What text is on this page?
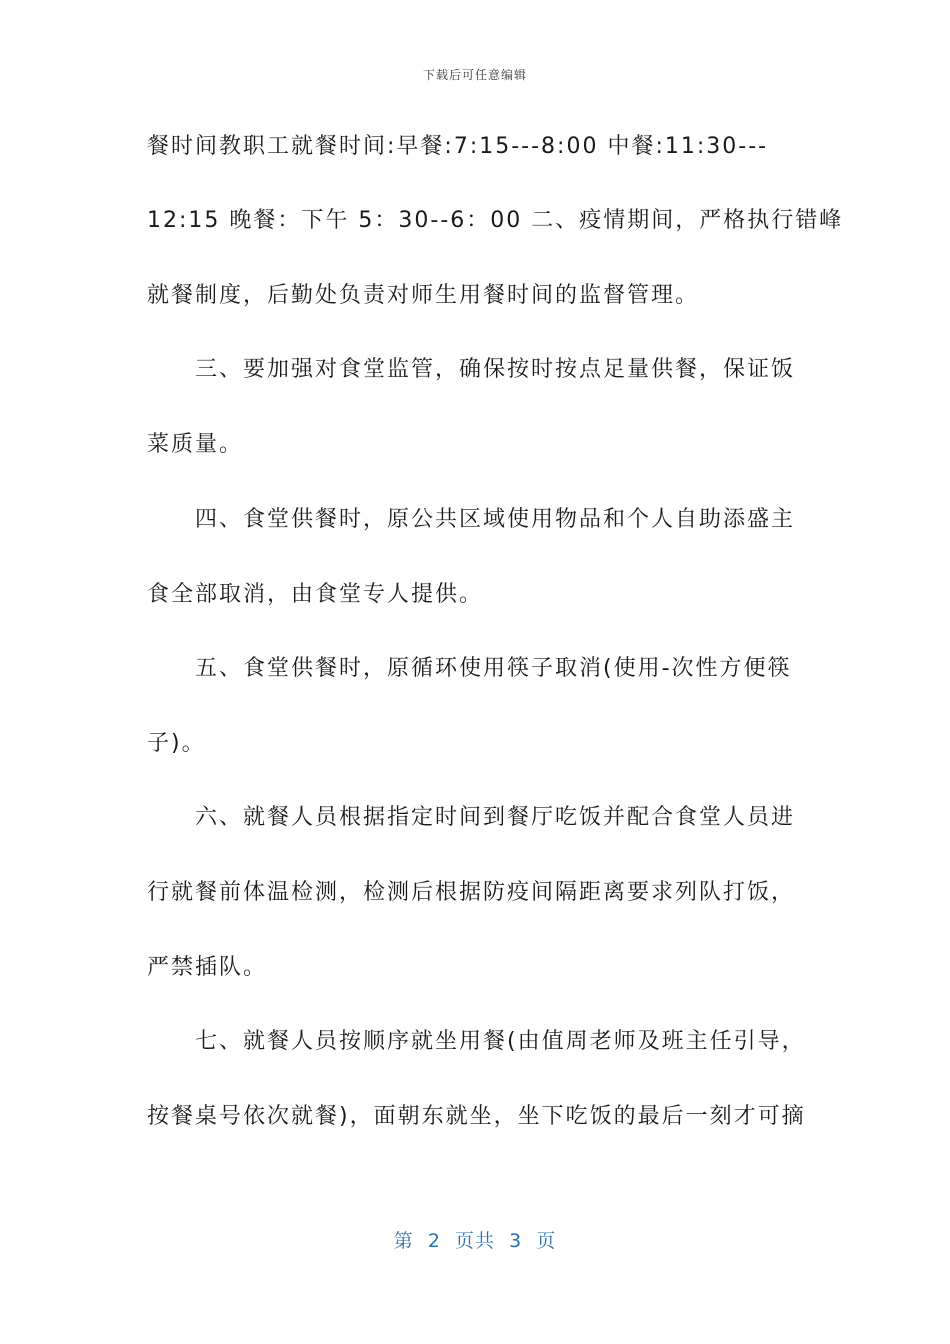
下载后可任意编辑
餐时间教职工就餐时间:早餐:7:15---8:00 中餐:11:30---
12:15 晚餐：下午 5：30--6：00 二、疫情期间，严格执行错峰
就餐制度，后勤处负责对师生用餐时间的监督管理。
三、要加强对食堂监管，确保按时按点足量供餐，保证饭
菜质量。
四、食堂供餐时，原公共区域使用物品和个人自助添盛主
食全部取消，由食堂专人提供。
五、食堂供餐时，原循环使用筷子取消(使用-次性方便筷
子)。
六、就餐人员根据指定时间到餐厅吃饭并配合食堂人员进
行就餐前体温检测，检测后根据防疫间隔距离要求列队打饭，
严禁插队。
七、就餐人员按顺序就坐用餐(由值周老师及班主任引导，
按餐桌号依次就餐)，面朝东就坐，坐下吃饭的最后一刻才可摘
第  2  页共  3  页
